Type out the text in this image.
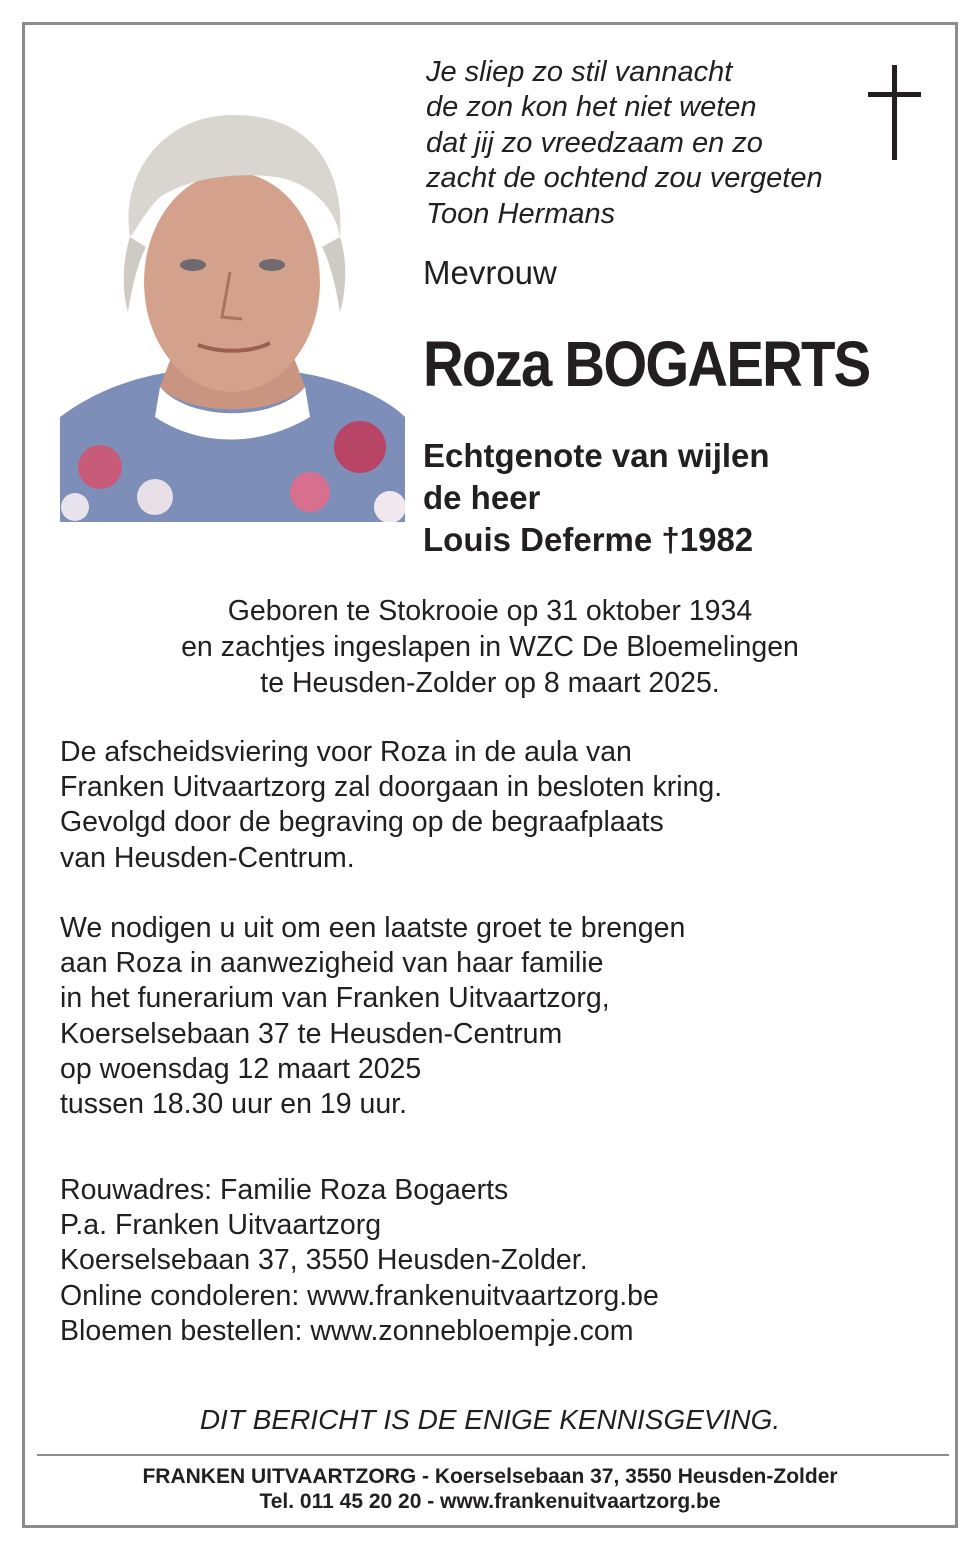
Je sliep zo stil vannacht
de zon kon het niet weten
dat jij zo vreedzaam en zo
zacht de ochtend zou vergeten
Toon Hermans
Mevrouw
Roza BOGAERTS
Echtgenote van wijlen
de heer
Louis Deferme †1982
Geboren te Stokrooie op 31 oktober 1934
en zachtjes ingeslapen in WZC De Bloemelingen
te Heusden-Zolder op 8 maart 2025.
De afscheidsviering voor Roza in de aula van
Franken Uitvaartzorg zal doorgaan in besloten kring.
Gevolgd door de begraving op de begraafplaats
van Heusden-Centrum.
We nodigen u uit om een laatste groet te brengen
aan Roza in aanwezigheid van haar familie
in het funerarium van Franken Uitvaartzorg,
Koerselsebaan 37 te Heusden-Centrum
op woensdag 12 maart 2025
tussen 18.30 uur en 19 uur.
Rouwadres: Familie Roza Bogaerts
P.a. Franken Uitvaartzorg
Koerselsebaan 37, 3550 Heusden-Zolder.
Online condoleren: www.frankenuitvaartzorg.be
Bloemen bestellen: www.zonnebloempje.com
DIT BERICHT IS DE ENIGE KENNISGEVING.
FRANKEN UITVAARTZORG - Koerselsebaan 37, 3550 Heusden-Zolder
Tel. 011 45 20 20 - www.frankenuitvaartzorg.be
